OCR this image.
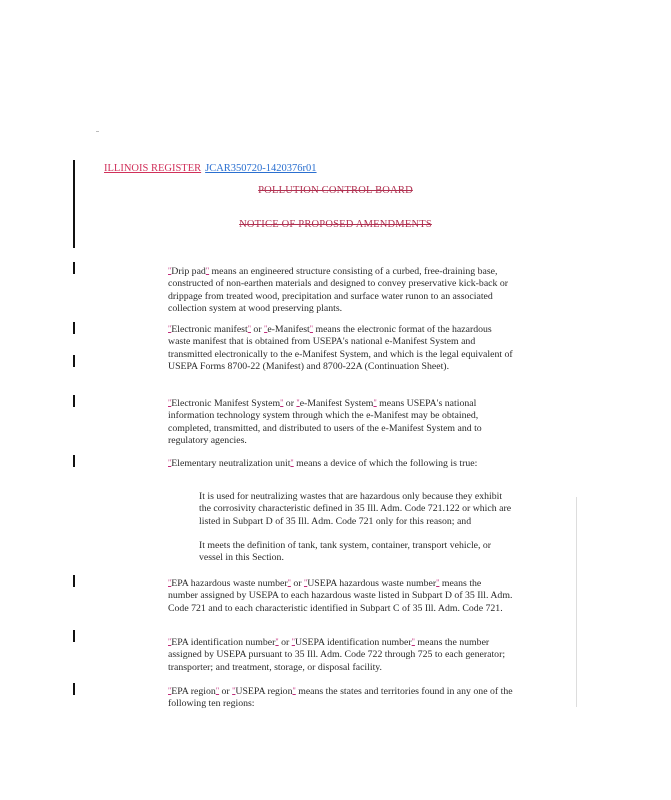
ILLINOIS REGISTER JCAR350720-1420376r01
POLLUTION CONTROL BOARD
NOTICE OF PROPOSED AMENDMENTS
"Drip pad" means an engineered structure consisting of a curbed, free-draining base, constructed of non-earthen materials and designed to convey preservative kick-back or drippage from treated wood, precipitation and surface water runon to an associated collection system at wood preserving plants.
"Electronic manifest" or "e-Manifest" means the electronic format of the hazardous waste manifest that is obtained from USEPA's national e-Manifest System and transmitted electronically to the e-Manifest System, and which is the legal equivalent of USEPA Forms 8700-22 (Manifest) and 8700-22A (Continuation Sheet).
"Electronic Manifest System" or "e-Manifest System" means USEPA's national information technology system through which the e-Manifest may be obtained, completed, transmitted, and distributed to users of the e-Manifest System and to regulatory agencies.
"Elementary neutralization unit" means a device of which the following is true:
It is used for neutralizing wastes that are hazardous only because they exhibit the corrosivity characteristic defined in 35 Ill. Adm. Code 721.122 or which are listed in Subpart D of 35 Ill. Adm. Code 721 only for this reason; and
It meets the definition of tank, tank system, container, transport vehicle, or vessel in this Section.
"EPA hazardous waste number" or "USEPA hazardous waste number" means the number assigned by USEPA to each hazardous waste listed in Subpart D of 35 Ill. Adm. Code 721 and to each characteristic identified in Subpart C of 35 Ill. Adm. Code 721.
"EPA identification number" or "USEPA identification number" means the number assigned by USEPA pursuant to 35 Ill. Adm. Code 722 through 725 to each generator; transporter; and treatment, storage, or disposal facility.
"EPA region" or "USEPA region" means the states and territories found in any one of the following ten regions:
